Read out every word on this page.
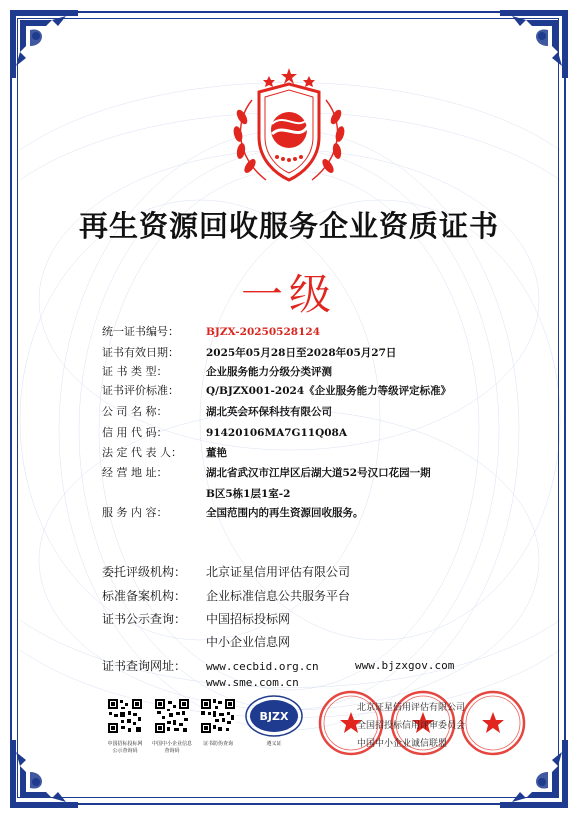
再生资源回收服务企业资质证书
一级
统一证书编号：	BJZX-20250528124
证书有效日期：	2025年05月28日至2028年05月27日
证 书 类 型：	企业服务能力分级分类评测
证书评价标准：	Q/BJZX001-2024《企业服务能力等级评定标准》
公 司 名 称：	湖北英会环保科技有限公司
信 用 代 码：	91420106MA7G11Q08A
法 定 代 表 人： 董艳
经 营 地 址：	湖北省武汉市江岸区后湖大道52号汉口花园一期
B区5栋1层1室-2
服 务 内 容：	全国范围内的再生资源回收服务。
委托评级机构： 北京证星信用评估有限公司
标准备案机构： 企业标准信息公共服务平台
证书公示查询： 中国招标投标网
中小企业信息网
证书查询网址： www.cecbid.org.cn	www.bjzxgov.com
www.sme.com.cn
中国招标投标网
公示查询码
中国中小企业信息
查询码
证书防伪查询
BJZX
遵义证
北京证星信用评估有限公司
全国招投标信用评审委员会
中国中小企业诚信联盟
